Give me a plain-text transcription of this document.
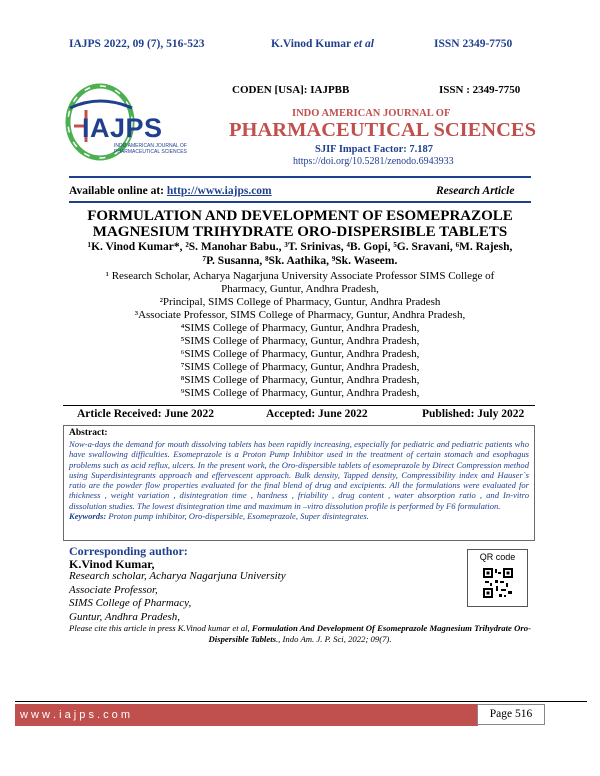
IAJPS 2022, 09 (7), 516-523	K.Vinod Kumar et al	ISSN 2349-7750
IAJPS
INDO AMERICAN JOURNAL OF
PHARMACEUTICAL SCIENCES
CODEN [USA]: IAJPBB	ISSN : 2349-7750
INDO AMERICAN JOURNAL OF
PHARMACEUTICAL SCIENCES
SJIF Impact Factor: 7.187
https://doi.org/10.5281/zenodo.6943933
Available online at: http://www.iajps.com	Research Article
FORMULATION AND DEVELOPMENT OF ESOMEPRAZOLE
MAGNESIUM TRIHYDRATE ORO-DISPERSIBLE TABLETS
¹K. Vinod Kumar*, ²S. Manohar Babu., ³T. Srinivas, ⁴B. Gopi, ⁵G. Sravani, ⁶M. Rajesh,
⁷P. Susanna, ⁸Sk. Aathika, ⁹Sk. Waseem.
¹ Research Scholar, Acharya Nagarjuna University Associate Professor SIMS College of
Pharmacy, Guntur, Andhra Pradesh,
²Principal, SIMS College of Pharmacy, Guntur, Andhra Pradesh
³Associate Professor, SIMS College of Pharmacy, Guntur, Andhra Pradesh,
⁴SIMS College of Pharmacy, Guntur, Andhra Pradesh,
⁵SIMS College of Pharmacy, Guntur, Andhra Pradesh,
⁶SIMS College of Pharmacy, Guntur, Andhra Pradesh,
⁷SIMS College of Pharmacy, Guntur, Andhra Pradesh,
⁸SIMS College of Pharmacy, Guntur, Andhra Pradesh,
⁹SIMS College of Pharmacy, Guntur, Andhra Pradesh,
Article Received: June 2022	Accepted: June 2022	Published: July 2022
Abstract:
Now-a-days the demand for mouth dissolving tablets has been rapidly increasing, especially for pediatric and pediatric patients who have swallowing difficulties. Esomeprazole is a Proton Pump Inhibitor used in the treatment of certain stomach and esophagus problems such as acid reflux, ulcers. In the present work, the Oro-dispersible tablets of esomeprazole by Direct Compression method using Superdisintegrants approach and effervescent approach. Bulk density, Tapped density, Compressibility index and Hauser`s ratio are the powder flow properties evaluated for the final blend of drug and excipients. All the formulations were evaluated for thickness , weight variation , disintegration time , hardness , friability , drug content , water absorption ratio , and In-vitro dissolution studies. The lowest disintegration time and maximum in –vitro dissolution profile is performed by F6 formulation.
Keywords: Proton pump inhibitor, Oro-dispersible, Esomeprazole, Super disintegrates.
Corresponding author:
K.Vinod Kumar,
Research scholar, Acharya Nagarjuna University
Associate Professor,
SIMS College of Pharmacy,
Guntur, Andhra Pradesh,
QR code
Please cite this article in press K.Vinod kumar et al, Formulation And Development Of Esomeprazole Magnesium Trihydrate Oro-Dispersible Tablets., Indo Am. J. P. Sci, 2022; 09(7).
w w w . i a j p s . c o m	Page 516
